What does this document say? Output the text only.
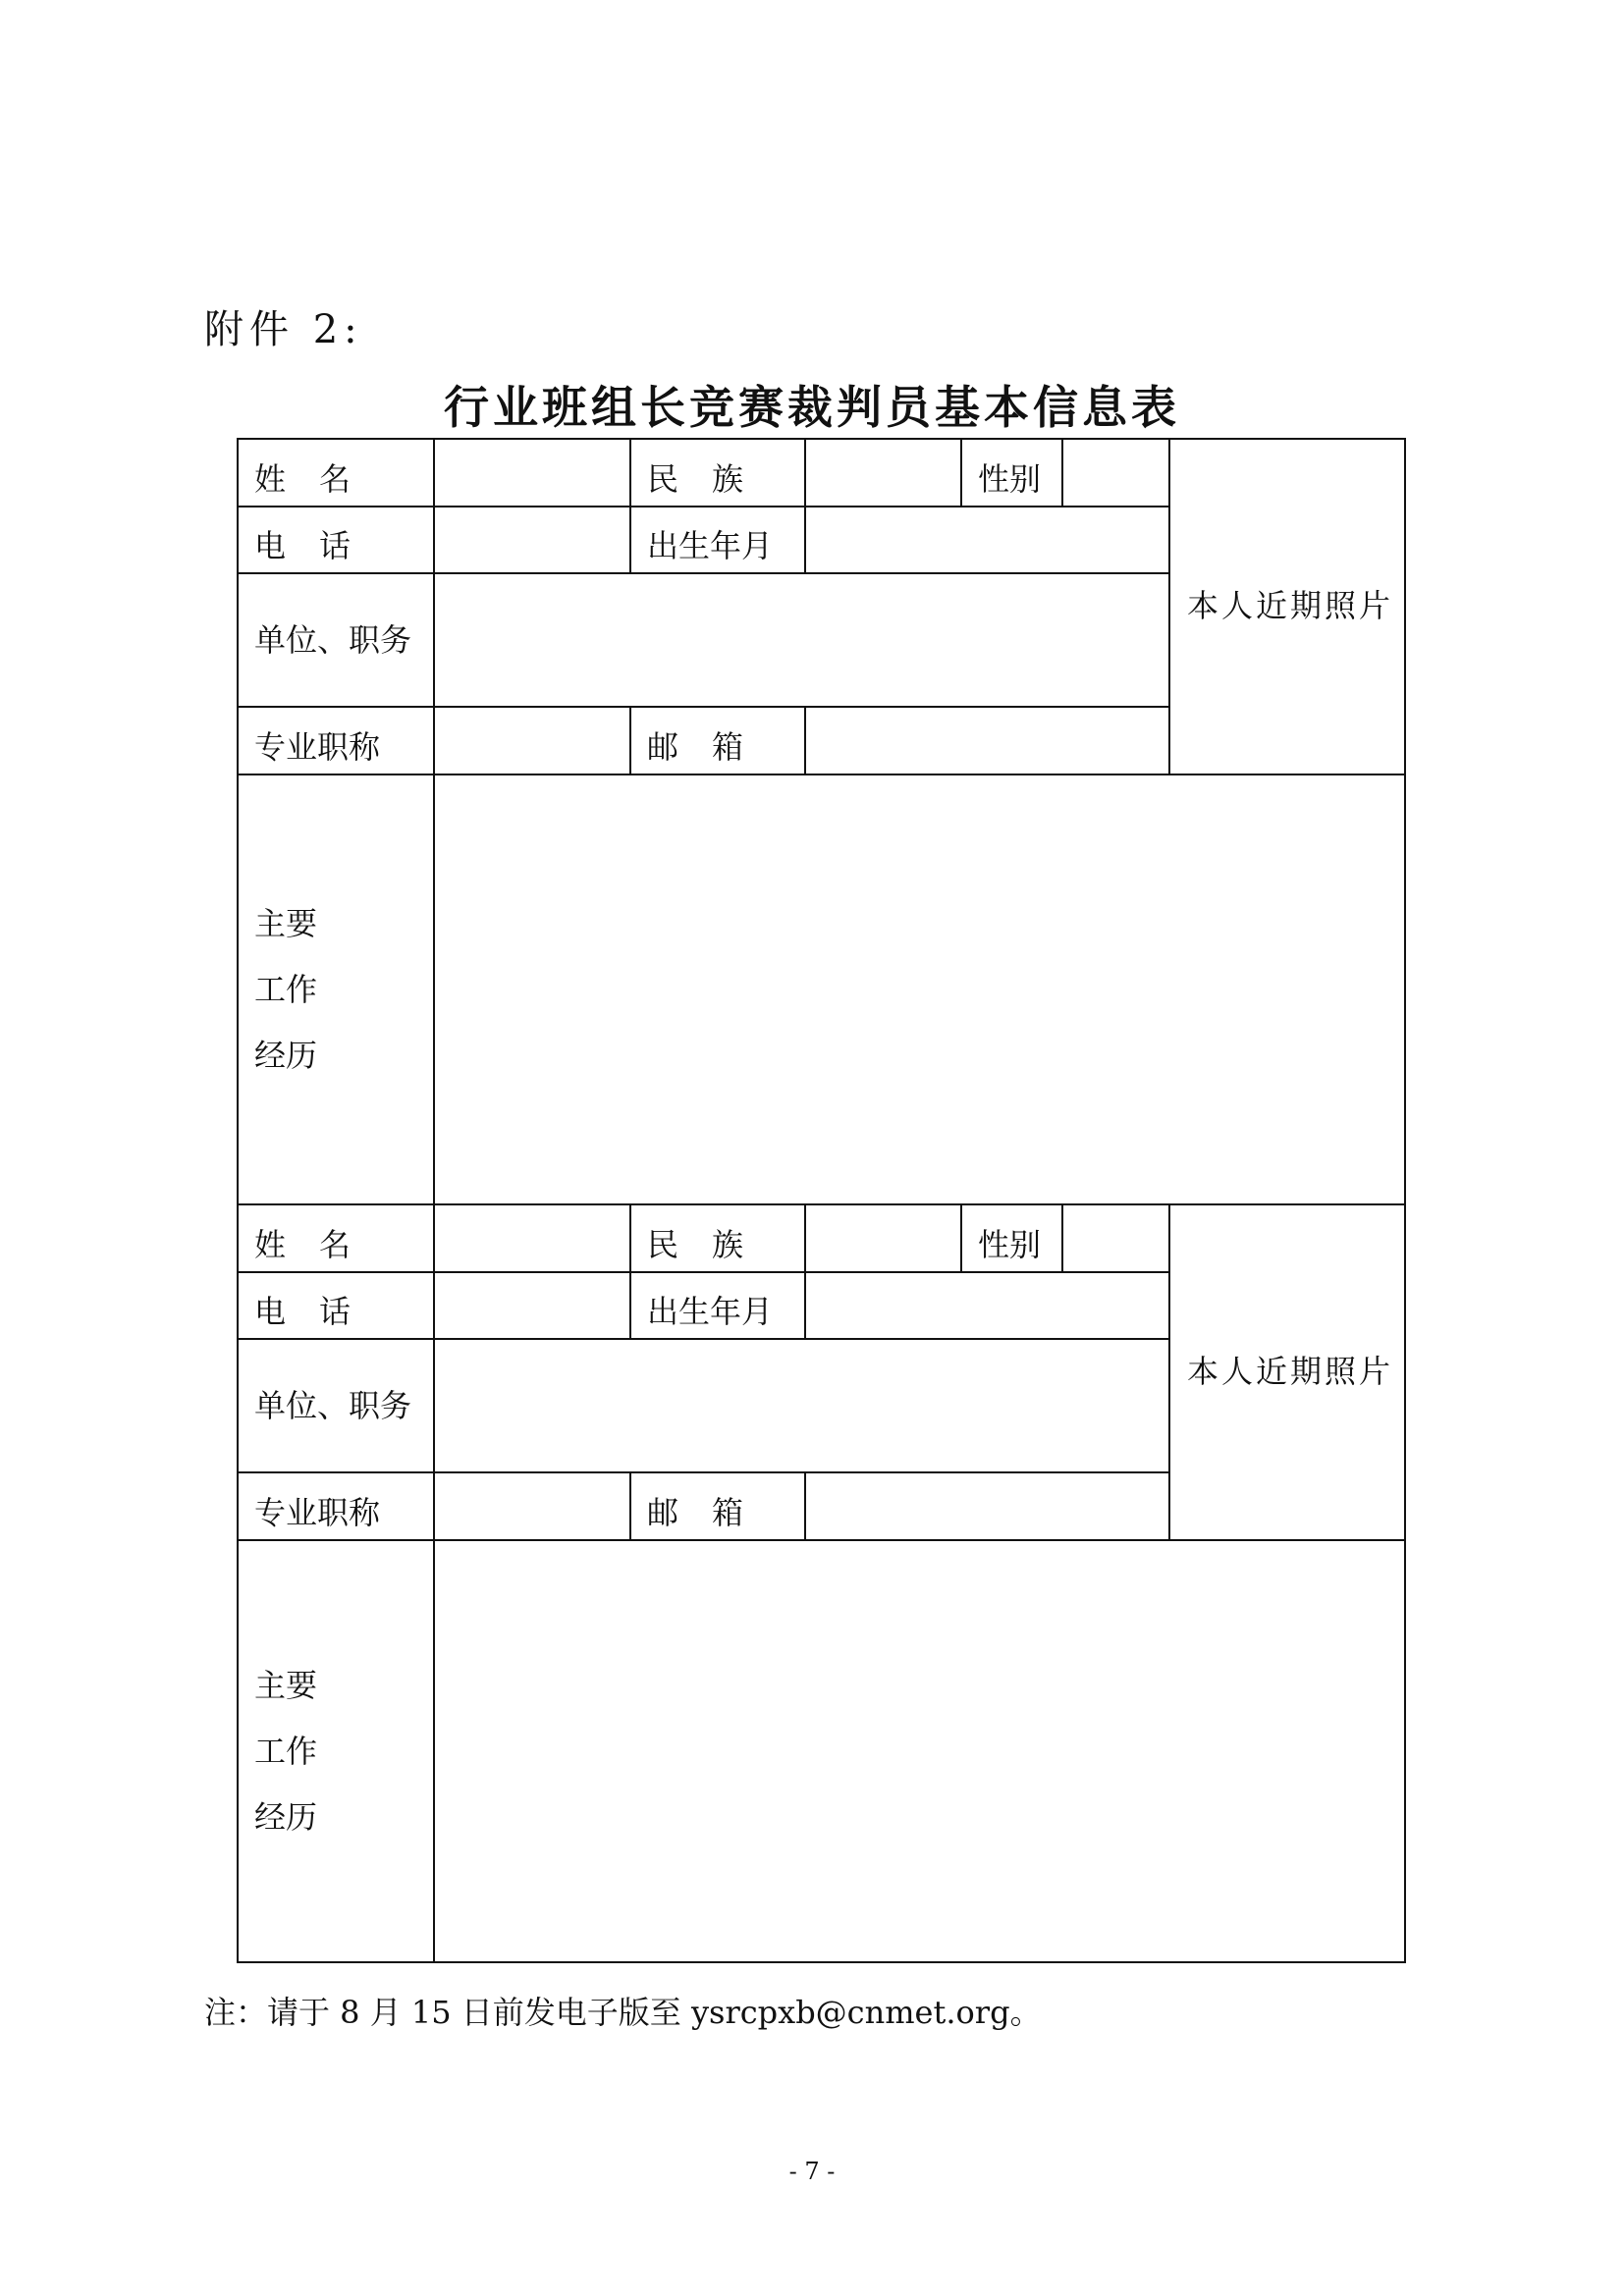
附件 2:
行业班组长竞赛裁判员基本信息表
姓名		民族		性别		本人近期照片

电话		出生年月				

单位、职务						

专业职称		邮箱				

主要
工作
经历						

姓名		民族		性别		本人近期照片

电话		出生年月				

单位、职务						

专业职称		邮箱				

主要
工作
经历						

注：请于 8 月 15 日前发电子版至 ysrcpxb@cnmet.org。
- 7 -
